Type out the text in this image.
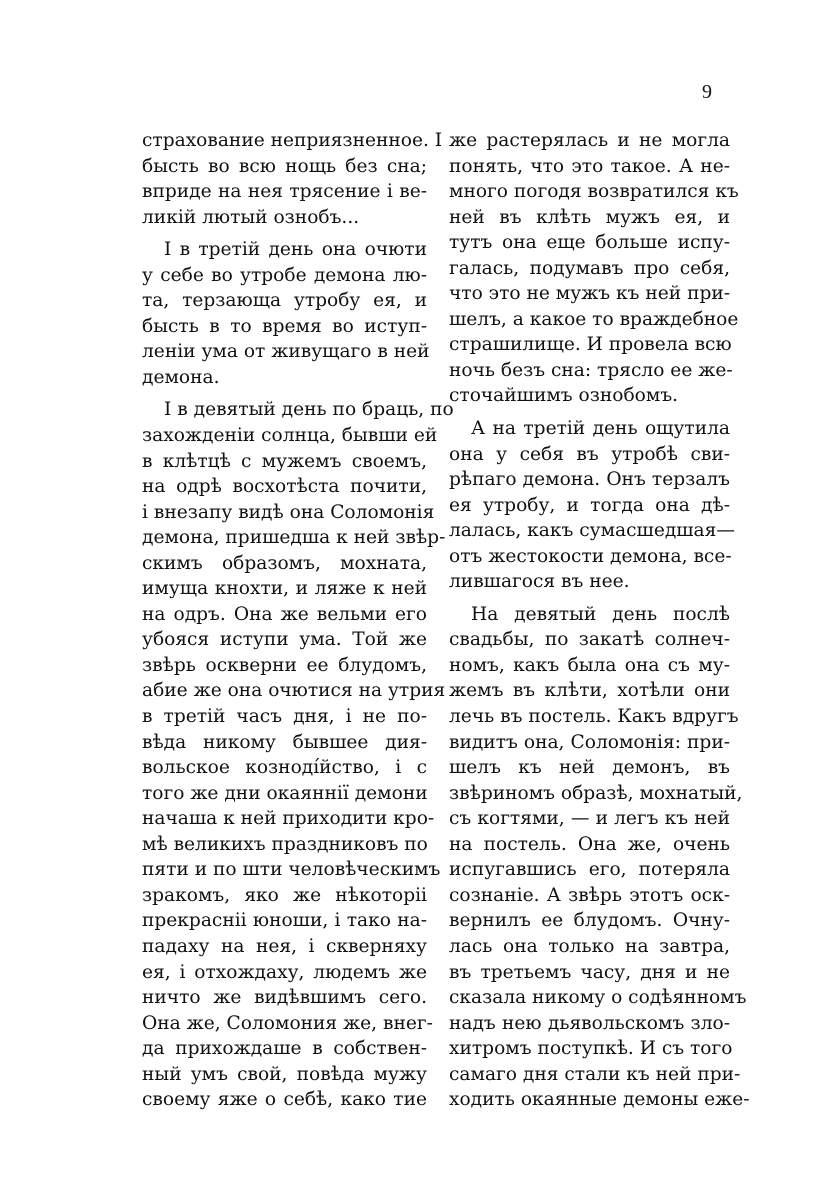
9
страхование неприязненное. I
бысть во всю нощь без сна;
вприде на нея трясение і ве-
ликій лютый ознобъ...
I в третій день она очюти
у себе во утробе демона лю-
та, терзающа утробу ея, и
бысть в то время во иступ-
леніи ума от живущаго в ней
демона.
I в девятый день по браць, по
захожденіи солнца, бывши ей
в клѣтцѣ с мужемъ своемъ,
на одрѣ восхотѣста почити,
і внезапу видѣ она Соломонія
демона, пришедша к ней звѣр-
скимъ образомъ, мохната,
имуща кнохти, и ляже к ней
на одръ. Она же вельми его
убояся иступи ума. Той же
звѣрь оскверни ее блудомъ,
абие же она очютися на утрия
в третій часъ дня, і не по-
вѣда никому бывшее дия-
вольское козноді́йство, і с
того же дни окаяннії демони
начаша к ней приходити кро-
мѣ великихъ праздниковъ по
пяти и по шти человѣческимъ
зракомъ, яко же нѣкоторіі
прекрасніі юноши, і тако на-
падаху на нея, і скверняху
ея, і отхождаху, людемъ же
ничто же видѣвшимъ сего.
Она же, Соломония же, внег-
да прихождаше в собствен-
ный умъ свой, повѣда мужу
своему яже о себѣ, како тие
же растерялась и не могла
понять, что это такое. А не-
много погодя возвратился къ
ней въ клѣть мужъ ея, и
тутъ она еще больше испу-
галась, подумавъ про себя,
что это не мужъ къ ней при-
шелъ, а какое то враждебное
страшилище. И провела всю
ночь безъ сна: трясло ее же-
сточайшимъ ознобомъ.
А на третій день ощутила
она у себя въ утробѣ сви-
рѣпаго демона. Онъ терзалъ
ея утробу, и тогда она дѣ-
лалась, какъ сумасшедшая—
отъ жестокости демона, все-
лившагося въ нее.
На девятый день послѣ
свадьбы, по закатѣ солнеч-
номъ, какъ была она съ му-
жемъ въ клѣти, хотѣли они
лечь въ постель. Какъ вдругъ
видитъ она, Соломонія: при-
шелъ къ ней демонъ, въ
звѣриномъ образѣ, мохнатый,
съ когтями, — и легъ къ ней
на постель. Она же, очень
испугавшись его, потеряла
сознаніе. А звѣрь этотъ оск-
вернилъ ее блудомъ. Очну-
лась она только на завтра,
въ третьемъ часу, дня и не
сказала никому о содѣянномъ
надъ нею дьявольскомъ зло-
хитромъ поступкѣ. И съ того
самаго дня стали къ ней при-
ходить окаянные демоны еже-
